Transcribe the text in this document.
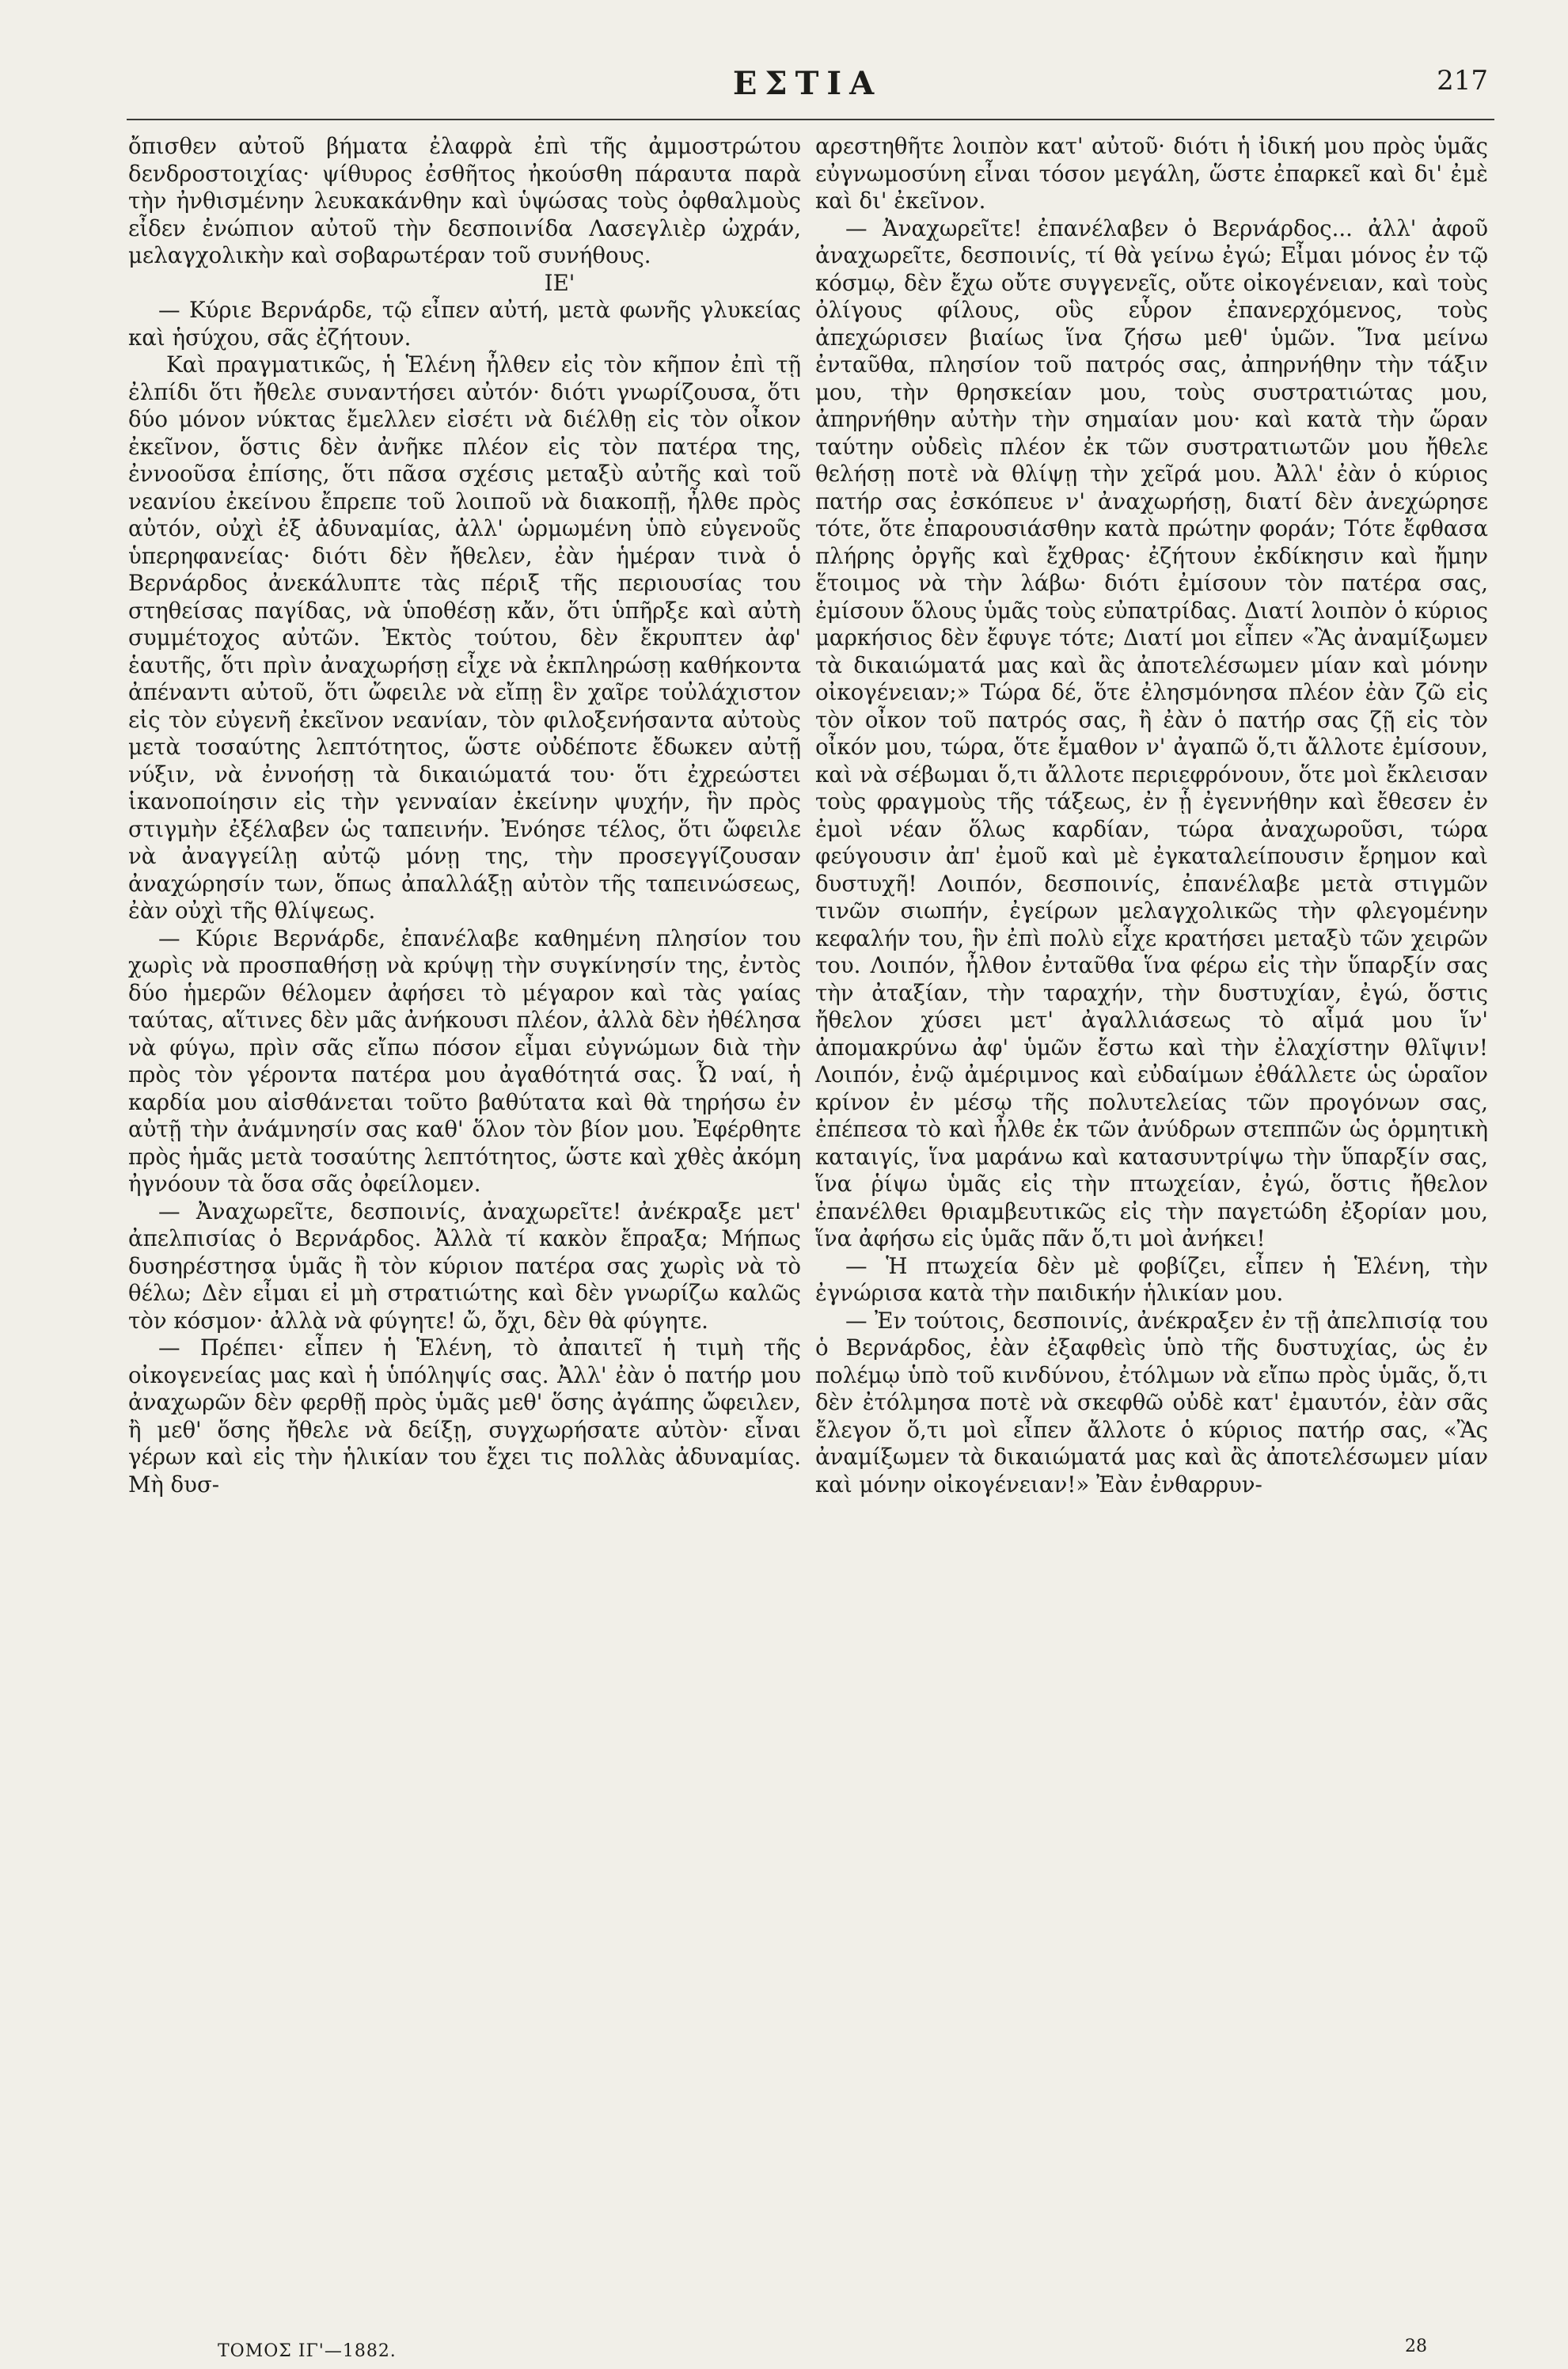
ΕΣΤΙΑ	217

ὄπισθεν αὐτοῦ βήματα ἐλαφρὰ ἐπὶ τῆς ἀμμοστρώτου δενδροστοιχίας· ψίθυρος ἐσθῆτος ἠκούσθη πάραυτα παρὰ τὴν ἠνθισμένην λευκακάνθην καὶ ὑψώσας τοὺς ὀφθαλμοὺς εἶδεν ἐνώπιον αὐτοῦ τὴν δεσποινίδα Λασεγλιὲρ ὠχράν, μελαγχολικὴν καὶ σοβαρωτέραν τοῦ συνήθους.

ΙΕ'

— Κύριε Βερνάρδε, τῷ εἶπεν αὐτή, μετὰ φωνῆς γλυκείας καὶ ἡσύχου, σᾶς ἐζήτουν.

Καὶ πραγματικῶς, ἡ Ἑλένη ἦλθεν εἰς τὸν κῆπον ἐπὶ τῇ ἐλπίδι ὅτι ἤθελε συναντήσει αὐτόν· διότι γνωρίζουσα, ὅτι δύο μόνον νύκτας ἔμελλεν εἰσέτι νὰ διέλθῃ εἰς τὸν οἶκον ἐκεῖνον, ὅστις δὲν ἀνῆκε πλέον εἰς τὸν πατέρα της, ἐννοοῦσα ἐπίσης, ὅτι πᾶσα σχέσις μεταξὺ αὐτῆς καὶ τοῦ νεανίου ἐκείνου ἔπρεπε τοῦ λοιποῦ νὰ διακοπῇ, ἦλθε πρὸς αὐτόν, οὐχὶ ἐξ ἀδυναμίας, ἀλλ' ὡρμωμένη ὑπὸ εὐγενοῦς ὑπερηφανείας· διότι δὲν ἤθελεν, ἐὰν ἡμέραν τινὰ ὁ Βερνάρδος ἀνεκάλυπτε τὰς πέριξ τῆς περιουσίας του στηθείσας παγίδας, νὰ ὑποθέσῃ κἄν, ὅτι ὑπῆρξε καὶ αὐτὴ συμμέτοχος αὐτῶν. Ἐκτὸς τούτου, δὲν ἔκρυπτεν ἀφ' ἑαυτῆς, ὅτι πρὶν ἀναχωρήσῃ εἶχε νὰ ἐκπληρώσῃ καθήκοντα ἀπέναντι αὐτοῦ, ὅτι ὤφειλε νὰ εἴπῃ ἓν χαῖρε τοὐλάχιστον εἰς τὸν εὐγενῆ ἐκεῖνον νεανίαν, τὸν φιλοξενήσαντα αὐτοὺς μετὰ τοσαύτης λεπτότητος, ὥστε οὐδέποτε ἔδωκεν αὐτῇ νύξιν, νὰ ἐννοήσῃ τὰ δικαιώματά του· ὅτι ἐχρεώστει ἱκανοποίησιν εἰς τὴν γενναίαν ἐκείνην ψυχήν, ἣν πρὸς στιγμὴν ἐξέλαβεν ὡς ταπεινήν. Ἐνόησε τέλος, ὅτι ὤφειλε νὰ ἀναγγείλῃ αὐτῷ μόνῃ της, τὴν προσεγγίζουσαν ἀναχώρησίν των, ὅπως ἀπαλλάξῃ αὐτὸν τῆς ταπεινώσεως, ἐὰν οὐχὶ τῆς θλίψεως.

— Κύριε Βερνάρδε, ἐπανέλαβε καθημένη πλησίον του χωρὶς νὰ προσπαθήσῃ νὰ κρύψῃ τὴν συγκίνησίν της, ἐντὸς δύο ἡμερῶν θέλομεν ἀφήσει τὸ μέγαρον καὶ τὰς γαίας ταύτας, αἵτινες δὲν μᾶς ἀνήκουσι πλέον, ἀλλὰ δὲν ἠθέλησα νὰ φύγω, πρὶν σᾶς εἴπω πόσον εἶμαι εὐγνώμων διὰ τὴν πρὸς τὸν γέροντα πατέρα μου ἀγαθότητά σας. Ὦ ναί, ἡ καρδία μου αἰσθάνεται τοῦτο βαθύτατα καὶ θὰ τηρήσω ἐν αὐτῇ τὴν ἀνάμνησίν σας καθ' ὅλον τὸν βίον μου. Ἐφέρθητε πρὸς ἡμᾶς μετὰ τοσαύτης λεπτότητος, ὥστε καὶ χθὲς ἀκόμη ἠγνόουν τὰ ὅσα σᾶς ὀφείλομεν.

— Ἀναχωρεῖτε, δεσποινίς, ἀναχωρεῖτε! ἀνέκραξε μετ' ἀπελπισίας ὁ Βερνάρδος. Ἀλλὰ τί κακὸν ἔπραξα; Μήπως δυσηρέστησα ὑμᾶς ἢ τὸν κύριον πατέρα σας χωρὶς νὰ τὸ θέλω; Δὲν εἶμαι εἰ μὴ στρατιώτης καὶ δὲν γνωρίζω καλῶς τὸν κόσμον· ἀλλὰ νὰ φύγητε! ὤ, ὄχι, δὲν θὰ φύγητε.

— Πρέπει· εἶπεν ἡ Ἑλένη, τὸ ἀπαιτεῖ ἡ τιμὴ τῆς οἰκογενείας μας καὶ ἡ ὑπόληψίς σας. Ἀλλ' ἐὰν ὁ πατήρ μου ἀναχωρῶν δὲν φερθῇ πρὸς ὑμᾶς μεθ' ὅσης ἀγάπης ὤφειλεν, ἢ μεθ' ὅσης ἤθελε νὰ δείξῃ, συγχωρήσατε αὐτὸν· εἶναι γέρων καὶ εἰς τὴν ἡλικίαν του ἔχει τις πολλὰς ἀδυναμίας. Μὴ δυσ-

αρεστηθῆτε λοιπὸν κατ' αὐτοῦ· διότι ἡ ἰδική μου πρὸς ὑμᾶς εὐγνωμοσύνη εἶναι τόσον μεγάλη, ὥστε ἐπαρκεῖ καὶ δι' ἐμὲ καὶ δι' ἐκεῖνον.

— Ἀναχωρεῖτε! ἐπανέλαβεν ὁ Βερνάρδος... ἀλλ' ἀφοῦ ἀναχωρεῖτε, δεσποινίς, τί θὰ γείνω ἐγώ; Εἶμαι μόνος ἐν τῷ κόσμῳ, δὲν ἔχω οὔτε συγγενεῖς, οὔτε οἰκογένειαν, καὶ τοὺς ὀλίγους φίλους, οὓς εὗρον ἐπανερχόμενος, τοὺς ἀπεχώρισεν βιαίως ἵνα ζήσω μεθ' ὑμῶν. Ἵνα μείνω ἐνταῦθα, πλησίον τοῦ πατρός σας, ἀπηρνήθην τὴν τάξιν μου, τὴν θρησκείαν μου, τοὺς συστρατιώτας μου, ἀπηρνήθην αὐτὴν τὴν σημαίαν μου· καὶ κατὰ τὴν ὥραν ταύτην οὐδεὶς πλέον ἐκ τῶν συστρατιωτῶν μου ἤθελε θελήσῃ ποτὲ νὰ θλίψῃ τὴν χεῖρά μου. Ἀλλ' ἐὰν ὁ κύριος πατήρ σας ἐσκόπευε ν' ἀναχωρήσῃ, διατί δὲν ἀνεχώρησε τότε, ὅτε ἐπαρουσιάσθην κατὰ πρώτην φοράν; Τότε ἔφθασα πλήρης ὀργῆς καὶ ἔχθρας· ἐζήτουν ἐκδίκησιν καὶ ἤμην ἕτοιμος νὰ τὴν λάβω· διότι ἐμίσουν τὸν πατέρα σας, ἐμίσουν ὅλους ὑμᾶς τοὺς εὐπατρίδας. Διατί λοιπὸν ὁ κύριος μαρκήσιος δὲν ἔφυγε τότε; Διατί μοι εἶπεν «Ἂς ἀναμίξωμεν τὰ δικαιώματά μας καὶ ἂς ἀποτελέσωμεν μίαν καὶ μόνην οἰκογένειαν;» Τώρα δέ, ὅτε ἐλησμόνησα πλέον ἐὰν ζῶ εἰς τὸν οἶκον τοῦ πατρός σας, ἢ ἐὰν ὁ πατήρ σας ζῇ εἰς τὸν οἶκόν μου, τώρα, ὅτε ἔμαθον ν' ἀγαπῶ ὅ,τι ἄλλοτε ἐμίσουν, καὶ νὰ σέβωμαι ὅ,τι ἄλλοτε περιεφρόνουν, ὅτε μοὶ ἔκλεισαν τοὺς φραγμοὺς τῆς τάξεως, ἐν ᾗ ἐγεννήθην καὶ ἔθεσεν ἐν ἐμοὶ νέαν ὅλως καρδίαν, τώρα ἀναχωροῦσι, τώρα φεύγουσιν ἀπ' ἐμοῦ καὶ μὲ ἐγκαταλείπουσιν ἔρημον καὶ δυστυχῆ! Λοιπόν, δεσποινίς, ἐπανέλαβε μετὰ στιγμῶν τινῶν σιωπήν, ἐγείρων μελαγχολικῶς τὴν φλεγομένην κεφαλήν του, ἣν ἐπὶ πολὺ εἶχε κρατήσει μεταξὺ τῶν χειρῶν του. Λοιπόν, ἦλθον ἐνταῦθα ἵνα φέρω εἰς τὴν ὕπαρξίν σας τὴν ἀταξίαν, τὴν ταραχήν, τὴν δυστυχίαν, ἐγώ, ὅστις ἤθελον χύσει μετ' ἀγαλλιάσεως τὸ αἷμά μου ἵν' ἀπομακρύνω ἀφ' ὑμῶν ἔστω καὶ τὴν ἐλαχίστην θλῖψιν! Λοιπόν, ἐνῷ ἀμέριμνος καὶ εὐδαίμων ἐθάλλετε ὡς ὡραῖον κρίνον ἐν μέσῳ τῆς πολυτελείας τῶν προγόνων σας, ἐπέπεσα τὸ καὶ ἦλθε ἐκ τῶν ἀνύδρων στεππῶν ὡς ὁρμητικὴ καταιγίς, ἵνα μαράνω καὶ κατασυντρίψω τὴν ὕπαρξίν σας, ἵνα ῥίψω ὑμᾶς εἰς τὴν πτωχείαν, ἐγώ, ὅστις ἤθελον ἐπανέλθει θριαμβευτικῶς εἰς τὴν παγετώδη ἐξορίαν μου, ἵνα ἀφήσω εἰς ὑμᾶς πᾶν ὅ,τι μοὶ ἀνήκει!

— Ἡ πτωχεία δὲν μὲ φοβίζει, εἶπεν ἡ Ἑλένη, τὴν ἐγνώρισα κατὰ τὴν παιδικήν ἡλικίαν μου.

— Ἐν τούτοις, δεσποινίς, ἀνέκραξεν ἐν τῇ ἀπελπισίᾳ του ὁ Βερνάρδος, ἐὰν ἐξαφθεὶς ὑπὸ τῆς δυστυχίας, ὡς ἐν πολέμῳ ὑπὸ τοῦ κινδύνου, ἐτόλμων νὰ εἴπω πρὸς ὑμᾶς, ὅ,τι δὲν ἐτόλμησα ποτὲ νὰ σκεφθῶ οὐδὲ κατ' ἐμαυτόν, ἐὰν σᾶς ἔλεγον ὅ,τι μοὶ εἶπεν ἄλλοτε ὁ κύριος πατήρ σας, «Ἂς ἀναμίξωμεν τὰ δικαιώματά μας καὶ ἂς ἀποτελέσωμεν μίαν καὶ μόνην οἰκογένειαν!» Ἐὰν ἐνθαρρυν-

ΤΟΜΟΣ ΙΓ'—1882.	28
